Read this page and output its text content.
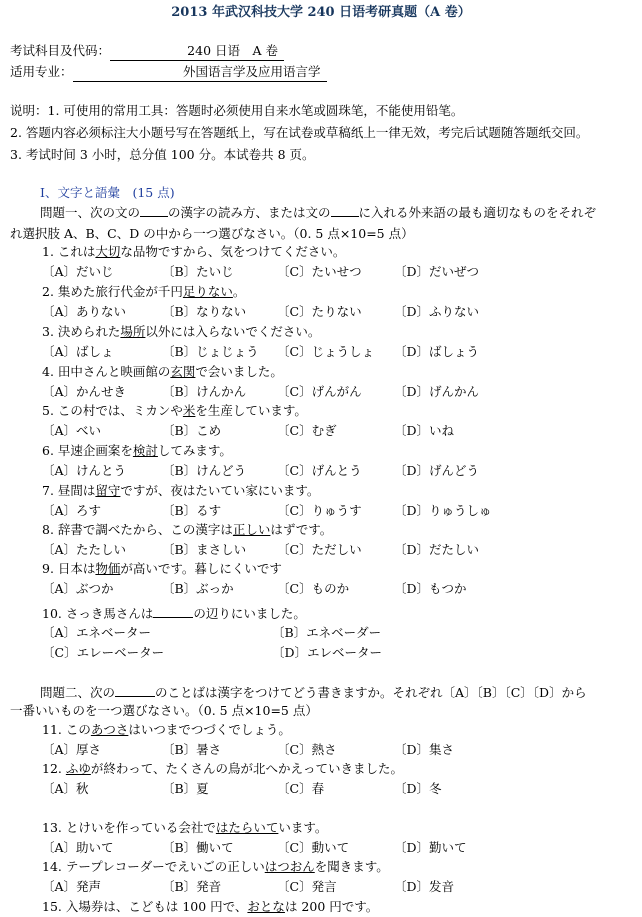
2013 年武汉科技大学 240 日语考研真题（A 卷）
考试科目及代码：	240 日语　A 卷
适用专业：	外国语言学及应用语言学
说明：1. 可使用的常用工具：答题时必须使用自来水笔或圆珠笔，不能使用铅笔。
2. 答题内容必须标注大小题号写在答题纸上，写在试卷或草稿纸上一律无效，考完后试题随答题纸交回。
3. 考试时间 3 小时，总分值 100 分。本试卷共 8 页。
Ⅰ、文字と語彙　(15 点)
問題一、次の文の の漢字の読み方、または文の に入れる外来語の最も適切なものをそれぞ
れ選択肢 A、B、C、D の中から一つ選びなさい。（0. 5 点×10=5 点）
1. これは大切な品物ですから、気をつけてください。
〔A〕だいじ	〔B〕たいじ	〔C〕たいせつ	〔D〕だいぜつ
2. 集めた旅行代金が千円足りない。
〔A〕ありない	〔B〕なりない 〔C〕たりない	〔D〕ふりない
3. 決められた場所以外には入らないでください。
〔A〕ばしょ	〔B〕じょじょう 〔C〕じょうしょ 〔D〕ばしょう
4. 田中さんと映画館の玄関で会いました。
〔A〕かんせき	〔B〕けんかん 〔C〕げんがん	〔D〕げんかん
5. この村では、ミカンや米を生産しています。
〔A〕べい	〔B〕こめ	〔C〕むぎ	〔D〕いね
6. 早速企画案を検討してみます。
〔A〕けんとう	〔B〕けんどう 〔C〕げんとう	〔D〕げんどう
7. 昼間は留守ですが、夜はたいてい家にいます。
〔A〕ろす	〔B〕るす	〔C〕りゅうす	〔D〕りゅうしゅ
8. 辞書で調べたから、この漢字は正しいはずです。
〔A〕たたしい	〔B〕まさしい 〔C〕ただしい	〔D〕だたしい
9. 日本は物価が高いです。暮しにくいです
〔A〕ぶつか	〔B〕ぶっか	〔C〕ものか	〔D〕もつか
10. さっき馬さんは	の辺りにいました。
〔A〕エネベーター	〔B〕エネベーダー
〔C〕エレーベーター	〔D〕エレベーター
問題二、次の	のことばは漢字をつけてどう書きますか。それぞれ〔A〕〔B〕〔C〕〔D〕から
一番いいものを一つ選びなさい。（0. 5 点×10=5 点）
11. このあつさはいつまでつづくでしょう。
〔A〕厚さ	〔B〕暑さ	〔C〕熱さ	〔D〕集さ
12. ふゆが終わって、たくさんの鳥が北へかえっていきました。
〔A〕秋	〔B〕夏	〔C〕春	〔D〕冬
13. とけいを作っている会社ではたらいています。
〔A〕助いて	〔B〕働いて	〔C〕動いて	〔D〕勤いて
14. テープレコーダーでえいごの正しいはつおんを聞きます。
〔A〕発声	〔B〕発音	〔C〕発言	〔D〕发音
15. 入場券は、こどもは 100 円で、おとなは 200 円です。
